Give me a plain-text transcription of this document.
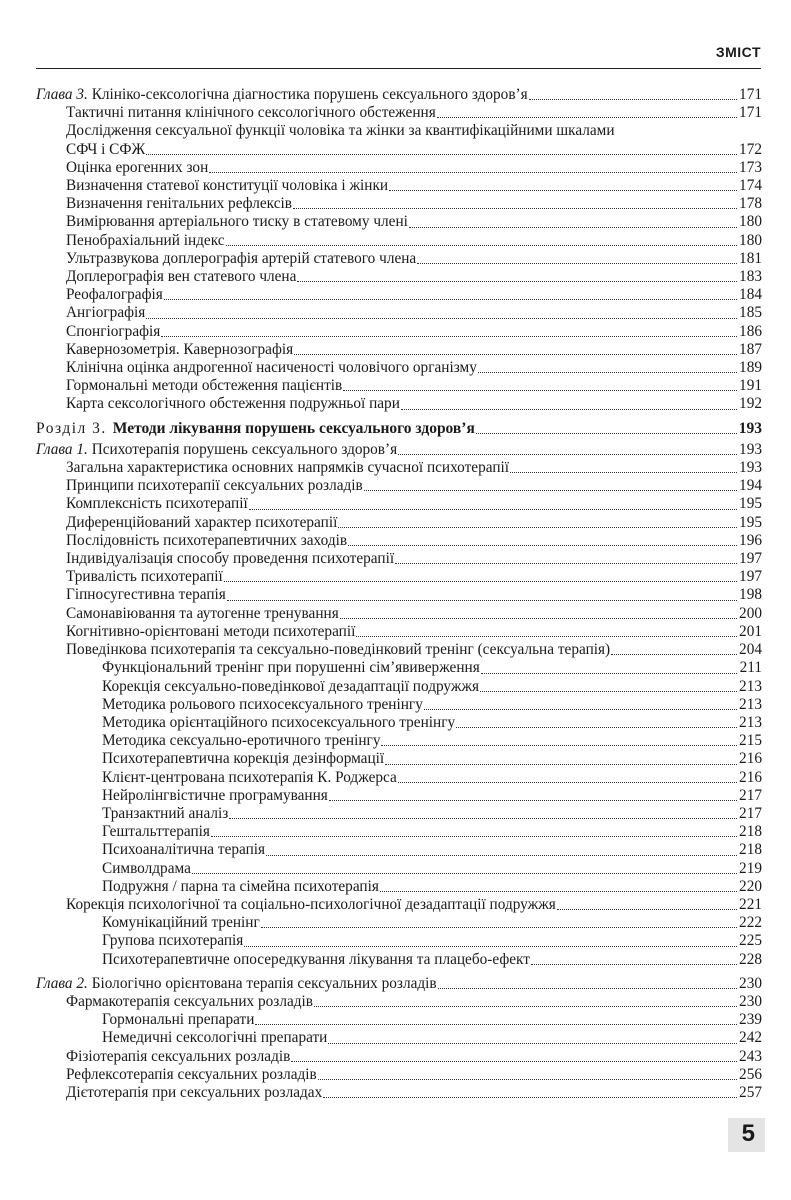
ЗМІСТ
Глава 3. Клініко-сексологічна діагностика порушень сексуального здоров’я	171
Тактичні питання клінічного сексологічного обстеження	171
Дослідження сексуальної функції чоловіка та жінки за квантифікаційними шкалами
СФЧ і СФЖ	172
Оцінка ерогенних зон	173
Визначення статевої конституції чоловіка і жінки	174
Визначення генітальних рефлексів	178
Вимірювання артеріального тиску в статевому члені	180
Пенобрахіальний індекс	180
Ультразвукова доплерографія артерій статевого члена	181
Доплерографія вен статевого члена	183
Реофалографія	184
Ангіографія	185
Спонгіографія	186
Кавернозометрія. Кавернозографія	187
Клінічна оцінка андрогенної насиченості чоловічого організму	189
Гормональні методи обстеження пацієнтів	191
Карта сексологічного обстеження подружньої пари	192
Розділ 3. Методи лікування порушень сексуального здоров’я	193
Глава 1. Психотерапія порушень сексуального здоров’я	193
Загальна характеристика основних напрямків сучасної психотерапії	193
Принципи психотерапії сексуальних розладів	194
Комплексність психотерапії	195
Диференційований характер психотерапії	195
Послідовність психотерапевтичних заходів	196
Індивідуалізація способу проведення психотерапії	197
Тривалість психотерапії	197
Гіпносугестивна терапія	198
Самонавіювання та аутогенне тренування	200
Когнітивно-орієнтовані методи психотерапії	201
Поведінкова психотерапія та сексуально-поведінковий тренінг (сексуальна терапія)	204
Функціональний тренінг при порушенні сім’явиверження	211
Корекція сексуально-поведінкової дезадаптації подружжя	213
Методика рольового психосексуального тренінгу	213
Методика орієнтаційного психосексуального тренінгу	213
Методика сексуально-еротичного тренінгу	215
Психотерапевтична корекція дезінформації	216
Клієнт-центрована психотерапія К. Роджерса	216
Нейролінгвістичне програмування	217
Транзактний аналіз	217
Гештальттерапія	218
Психоаналітична терапія	218
Символдрама	219
Подружня / парна та сімейна психотерапія	220
Корекція психологічної та соціально-психологічної дезадаптації подружжя	221
Комунікаційний тренінг	222
Групова психотерапія	225
Психотерапевтичне опосередкування лікування та плацебо-ефект	228
Глава 2. Біологічно орієнтована терапія сексуальних розладів	230
Фармакотерапія сексуальних розладів	230
Гормональні препарати	239
Немедичні сексологічні препарати	242
Фізіотерапія сексуальних розладів	243
Рефлексотерапія сексуальних розладів	256
Дієтотерапія при сексуальних розладах	257
5
